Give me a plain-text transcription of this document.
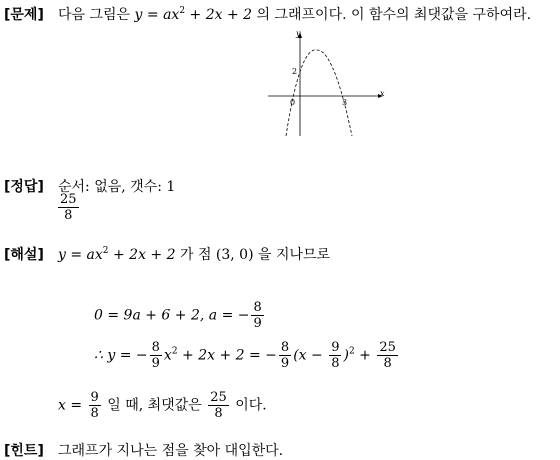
[문제] 다음 그림은 $y = ax^2 + 2x + 2$ 의 그래프이다. 이 함수의 최댓값을 구하여라.
x
y
0
2
3
[정답] 순서: 없음, 갯수: 1
$\frac{25}{8}$
[해설] $y = ax^2 + 2x + 2$ 가 점 (3, 0) 을 지나므로
0 = 9a + 6 + 2, a = − $\frac{8}{9}$
∴ y = − $\frac{8}{9} x^2 + 2x + 2$ = − $\frac{8}{9} (x - \frac{9}{8} )^2 + \frac{25}{8}$
$x = \frac{9}{8}$ 일 때, 최댓값은 $\frac{25}{8}$ 이다.
[힌트] 그래프가 지나는 점을 찾아 대입한다.
